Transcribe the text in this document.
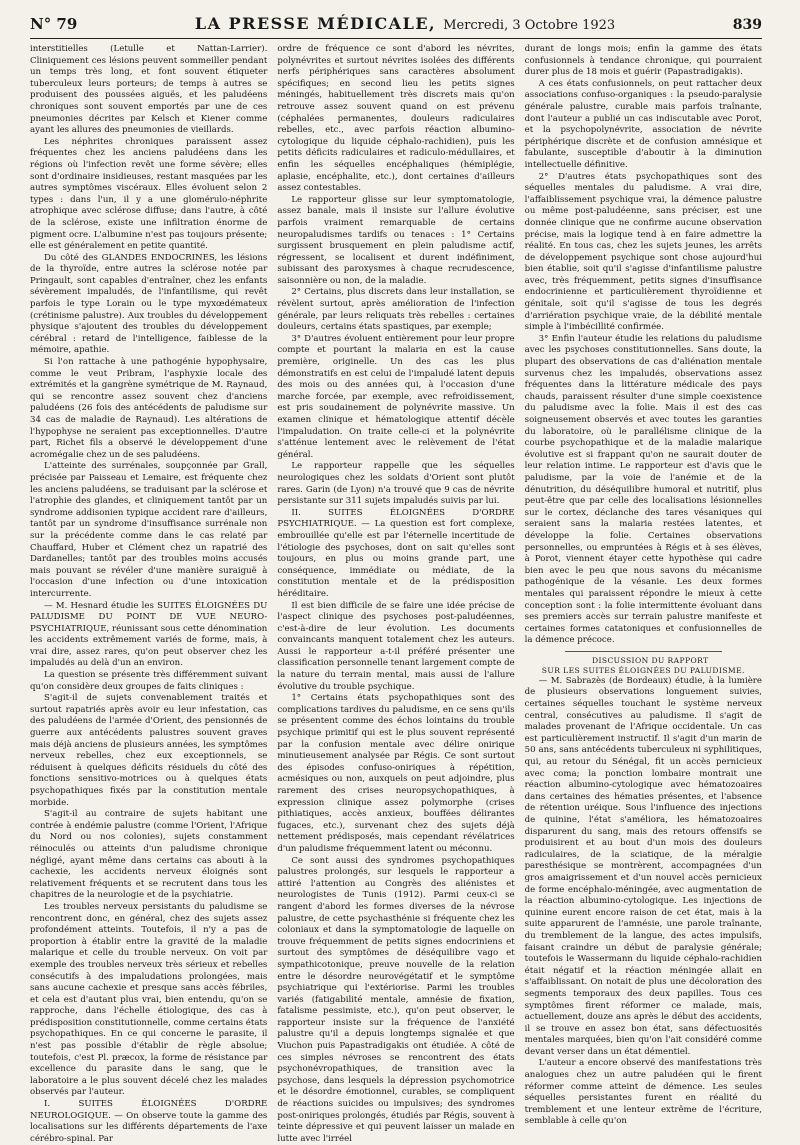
N° 79	LA PRESSE MÉDICALE, Mercredi, 3 Octobre 1923	839

interstitielles (Letulle et Nattan-Larrier). Cliniquement ces lésions peuvent sommeiller pendant un temps très long, et font souvent étiqueter tuberculeux leurs porteurs; de temps à autres se produisent des poussées aiguës, et les paludéens chroniques sont souvent emportés par une de ces pneumonies décrites par Kelsch et Kiener comme ayant les allures des pneumonies de vieillards.

Les néphrites chroniques paraissent assez fréquentes chez les anciens paludéens dans les régions où l'infection revêt une forme sévère; elles sont d'ordinaire insidieuses, restant masquées par les autres symptômes viscéraux. Elles évoluent selon 2 types : dans l'un, il y a une glomérulo-néphrite atrophique avec sclérose diffuse; dans l'autre, à côté de la sclérose, existe une infiltration énorme de pigment ocre. L'albumine n'est pas toujours présente; elle est généralement en petite quantité.

Du côté des GLANDES ENDOCRINES, les lésions de la thyroïde, entre autres la sclérose notée par Pringault, sont capables d'entraîner, chez les enfants sévèrement impaludés, de l'infantilisme, qui revêt parfois le type Lorain ou le type myxœdémateux (crétinisme palustre). Aux troubles du développement physique s'ajoutent des troubles du développement cérébral : retard de l'intelligence, faiblesse de la mémoire, apathie.

Si l'on rattache à une pathogénie hypophysaire, comme le veut Pribram, l'asphyxie locale des extrémités et la gangrène symétrique de M. Raynaud, qui se rencontre assez souvent chez d'anciens paludéens (26 fois des antécédents de paludisme sur 34 cas de maladie de Raynaud). Les altérations de l'hypophyse ne seraient pas exceptionnelles. D'autre part, Richet fils a observé le développement d'une acromégalie chez un de ses paludéens.

L'atteinte des surrénales, soupçonnée par Grall, précisée par Paisseau et Lemaire, est fréquente chez les anciens paludéens, se traduisant par la sclérose et l'atrophie des glandes, et cliniquement tantôt par un syndrome addisonien typique accident rare d'ailleurs, tantôt par un syndrome d'insuffisance surrénale non sur la précédente comme dans le cas relaté par Chauffard, Huber et Clément chez un rapatrié des Dardanelles; tantôt par des troubles moins accusés mais pouvant se révéler d'une manière suraiguë à l'occasion d'une infection ou d'une intoxication intercurrente.

— M. Hesnard étudie les SUITES ÉLOIGNÉES DU PALUDISME DU POINT DE VUE NEURO-PSYCHIATRIQUE, réunissant sous cette dénomination les accidents extrêmement variés de forme, mais, à vrai dire, assez rares, qu'on peut observer chez les impaludés au delà d'un an environ.

La question se présente très différemment suivant qu'on considère deux groupes de faits cliniques :

S'agit-il de sujets convenablement traités et surtout rapatriés après avoir eu leur infestation, cas des paludéens de l'armée d'Orient, des pensionnés de guerre aux antécédents palustres souvent graves mais déjà anciens de plusieurs années, les symptômes nerveux rebelles, chez eux exceptionnels, se réduisent à quelques déficits résiduels du côté des fonctions sensitivo-motrices ou à quelques états psychopathiques fixés par la constitution mentale morbide.

S'agit-il au contraire de sujets habitant une contrée à endémie palustre (comme l'Orient, l'Afrique du Nord ou nos colonies), sujets constamment réinoculés ou atteints d'un paludisme chronique négligé, ayant même dans certains cas abouti à la cachexie, les accidents nerveux éloignés sont relativement fréquents et se recrutent dans tous les chapitres de la neurologie et de la psychiatrie.

Les troubles nerveux persistants du paludisme se rencontrent donc, en général, chez des sujets assez profondément atteints. Toutefois, il n'y a pas de proportion à établir entre la gravité de la maladie malarique et celle du trouble nerveux. On voit par exemple des troubles nerveux très sérieux et rebelles consécutifs à des impaludations prolongées, mais sans aucune cachexie et presque sans accès fébriles, et cela est d'autant plus vrai, bien entendu, qu'on se rapproche, dans l'échelle étiologique, des cas à prédisposition constitutionnelle, comme certains états psychopathiques. En ce qui concerne le parasite, il n'est pas possible d'établir de règle absolue; toutefois, c'est Pl. præcox, la forme de résistance par excellence du parasite dans le sang, que le laboratoire a le plus souvent décelé chez les malades observés par l'auteur.

I. SUITES ÉLOIGNÉES D'ORDRE NEUROLOGIQUE. — On observe toute la gamme des localisations sur les différents départements de l'axe cérébro-spinal. Par

ordre de fréquence ce sont d'abord les névrites, polynévrites et surtout névrites isolées des différents nerfs périphériques sans caractères absolument spécifiques; en second lieu les petits signes méningés, habituellement très discrets mais qu'on retrouve assez souvent quand on est prévenu (céphalées permanentes, douleurs radiculaires rebelles, etc., avec parfois réaction albumino-cytologique du liquide céphalo-rachidien), puis les petits déficits radiculaires et radiculo-médullaires, et enfin les séquelles encéphaliques (hémiplégie, aplasie, encéphalite, etc.), dont certaines d'ailleurs assez contestables.

Le rapporteur glisse sur leur symptomatologie, assez banale, mais il insiste sur l'allure évolutive parfois vraiment remarquable de certains neuropaludismes tardifs ou tenaces : 1° Certains surgissent brusquement en plein paludisme actif, régressent, se localisent et durent indéfiniment, subissant des paroxysmes à chaque recrudescence, saisonnière ou non, de la maladie.

2° Certains, plus discrets dans leur installation, se révèlent surtout, après amélioration de l'infection générale, par leurs reliquats très rebelles : certaines douleurs, certains états spastiques, par exemple;

3° D'autres évoluent entièrement pour leur propre compte et pourtant la malaria en est la cause première, originelle. Un des cas les plus démonstratifs en est celui de l'impaludé latent depuis des mois ou des années qui, à l'occasion d'une marche forcée, par exemple, avec refroidissement, est pris soudainement de polynévrite massive. Un examen clinique et hématologique attentif décèle l'impaludation. On traite celle-ci et la polynévrite s'atténue lentement avec le relèvement de l'état général.

Le rapporteur rappelle que les séquelles neurologiques chez les soldats d'Orient sont plutôt rares. Garin (de Lyon) n'a trouvé que 9 cas de névrite persistante sur 311 sujets impaludés suivis par lui.

II. SUITES ÉLOIGNÉES D'ORDRE PSYCHIATRIQUE. — La question est fort complexe, embrouillée qu'elle est par l'éternelle incertitude de l'étiologie des psychoses, dont on sait qu'elles sont toujours, en plus ou moins grande part, une conséquence, immédiate ou médiate, de la constitution mentale et de la prédisposition héréditaire.

Il est bien difficile de se faire une idée précise de l'aspect clinique des psychoses post-paludéennes, c'est-à-dire de leur évolution. Les documents convaincants manquent totalement chez les auteurs. Aussi le rapporteur a-t-il préféré présenter une classification personnelle tenant largement compte de la nature du terrain mental, mais aussi de l'allure évolutive du trouble psychique.

1° Certains états psychopathiques sont des complications tardives du paludisme, en ce sens qu'ils se présentent comme des échos lointains du trouble psychique primitif qui est le plus souvent représenté par la confusion mentale avec délire onirique minutieusement analysée par Régis. Ce sont surtout des épisodes confuso-oniriques à répétition, acmésiques ou non, auxquels on peut adjoindre, plus rarement des crises neuropsychopathiques, à expression clinique assez polymorphe (crises pithiatiques, accès anxieux, bouffées délirantes fugaces, etc.), survenant chez des sujets déjà nettement prédisposés, mais cependant révélatrices d'un paludisme fréquemment latent ou méconnu.

Ce sont aussi des syndromes psychopathiques palustres prolongés, sur lesquels le rapporteur a attiré l'attention au Congrès des aliénistes et neurologistes de Tunis (1912). Parmi ceux-ci se rangent d'abord les formes diverses de la névrose palustre, de cette psychasthénie si fréquente chez les coloniaux et dans la symptomatologie de laquelle on trouve fréquemment de petits signes endocriniens et surtout des symptômes de déséquilibre vago et sympathicotonique, preuve nouvelle de la relation entre le désordre neurovégétatif et le symptôme psychiatrique qui l'extériorise. Parmi les troubles variés (fatigabilité mentale, amnésie de fixation, fatalisme pessimiste, etc.), qu'on peut observer, le rapporteur insiste sur la fréquence de l'anxiété palustre qu'il a depuis longtemps signalée et que Viuchon puis Papastradigakis ont étudiée. A côté de ces simples névroses se rencontrent des états psychonévropathiques, de transition avec la psychose, dans lesquels la dépression psychomotrice et le désordre émotionnel, curables, se compliquent de réactions suicides ou impulsives; des syndromes post-oniriques prolongés, étudiés par Régis, souvent à teinte dépressive et qui peuvent laisser un malade en lutte avec l'irréel

durant de longs mois; enfin la gamme des états confusionnels à tendance chronique, qui pourraient durer plus de 18 mois et guérir (Papastradigakis).

A ces états confusionnels, on peut rattacher deux associations confuso-organiques : la pseudo-paralysie générale palustre, curable mais parfois traînante, dont l'auteur a publié un cas indiscutable avec Porot, et la psychopolynévrite, association de névrite périphérique discrète et de confusion amnésique et fabulante, susceptible d'aboutir à la diminution intellectuelle définitive.

2° D'autres états psychopathiques sont des séquelles mentales du paludisme. A vrai dire, l'affaiblissement psychique vrai, la démence palustre ou même post-paludéenne, sans préciser, est une donnée clinique que ne confirme aucune observation précise, mais la logique tend à en faire admettre la réalité. En tous cas, chez les sujets jeunes, les arrêts de développement psychique sont chose aujourd'hui bien établie, soit qu'il s'agisse d'infantilisme palustre avec, très fréquemment, petits signes d'insuffisance endocrinienne et particulièrement thyroïdienne et génitale, soit qu'il s'agisse de tous les degrés d'arriération psychique vraie, de la débilité mentale simple à l'imbécillité confirmée.

3° Enfin l'auteur étudie les relations du paludisme avec les psychoses constitutionnelles. Sans doute, la plupart des observations de cas d'aliénation mentale survenus chez les impaludés, observations assez fréquentes dans la littérature médicale des pays chauds, paraissent résulter d'une simple coexistence du paludisme avec la folie. Mais il est des cas soigneusement observés et avec toutes les garanties du laboratoire, où le parallélisme clinique de la courbe psychopathique et de la maladie malarique évolutive est si frappant qu'on ne saurait douter de leur relation intime. Le rapporteur est d'avis que le paludisme, par la voie de l'anémie et de la dénutrition, du déséquilibre humoral et nutritif, plus peut-être que par celle des localisations lésionnelles sur le cortex, déclanche des tares vésaniques qui seraient sans la malaria restées latentes, et développe la folie. Certaines observations personnelles, ou empruntées à Régis et à ses élèves, à Porot, viennent étayer cette hypothèse qui cadre bien avec le peu que nous savons du mécanisme pathogénique de la vésanie. Les deux formes mentales qui paraissent répondre le mieux à cette conception sont : la folie intermittente évoluant dans ses premiers accès sur terrain palustre manifeste et certaines formes catatoniques et confusionnelles de la démence précoce.

DISCUSSION DU RAPPORT
SUR LES SUITES ÉLOIGNÉES DU PALUDISME.

— M. Sabrazès (de Bordeaux) étudie, à la lumière de plusieurs observations longuement suivies, certaines séquelles touchant le système nerveux central, consécutives au paludisme. Il s'agit de malades provenant de l'Afrique occidentale. Un cas est particulièrement instructif. Il s'agit d'un marin de 50 ans, sans antécédents tuberculeux ni syphilitiques, qui, au retour du Sénégal, fit un accès pernicieux avec coma; la ponction lombaire montrait une réaction albumino-cytologique avec hématozoaires dans certaines des hématies présentes, et l'absence de rétention uréique. Sous l'influence des injections de quinine, l'état s'améliora, les hématozoaires disparurent du sang, mais des retours offensifs se produisirent et au bout d'un mois des douleurs radiculaires, de la sciatique, de la méralgie paresthésique se montrèrent, accompagnées d'un gros amaigrissement et d'un nouvel accès pernicieux de forme encéphalo-méningée, avec augmentation de la réaction albumino-cytologique. Les injections de quinine eurent encore raison de cet état, mais à la suite apparurent de l'amnésie, une parole traînante, du tremblement de la langue, des actes impulsifs, faisant craindre un début de paralysie générale; toutefois le Wassermann du liquide céphalo-rachidien était négatif et la réaction méningée allait en s'affaiblissant. On notait de plus une décoloration des segments temporaux des deux papilles. Tous ces symptômes firent réformer ce malade, mais, actuellement, douze ans après le début des accidents, il se trouve en assez bon état, sans défectuosités mentales marquées, bien qu'on l'ait considéré comme devant verser dans un état démentiel.

L'auteur a encore observé des manifestations très analogues chez un autre paludéen qui le firent réformer comme atteint de démence. Les seules séquelles persistantes furent en réalité du tremblement et une lenteur extrême de l'écriture, semblable à celle qu'on
